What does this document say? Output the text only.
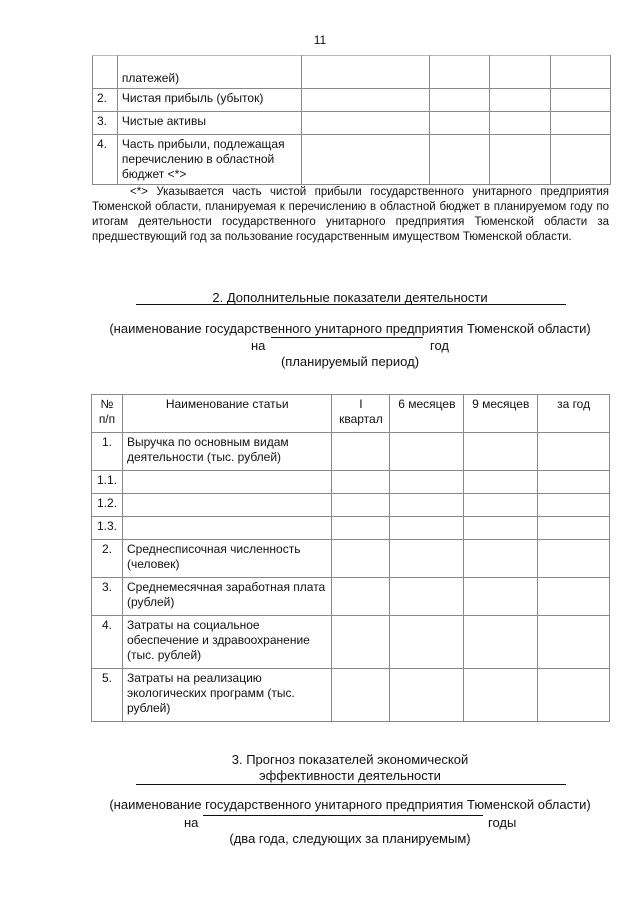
11
	платежей)				
2.	Чистая прибыль (убыток)				
3.	Чистые активы				
4.	Часть прибыли, подлежащая перечислению в областной бюджет <*>				

<*> Указывается часть чистой прибыли государственного унитарного предприятия Тюменской области, планируемая к перечислению в областной бюджет в планируемом году по итогам деятельности государственного унитарного предприятия Тюменской области за предшествующий год за пользование государственным имуществом Тюменской области.

2. Дополнительные показатели деятельности
(наименование государственного унитарного предприятия Тюменской области)
на	год
(планируемый период)
№ п/п	Наименование статьи	I квартал	6 месяцев	9 месяцев	за год
1.	Выручка по основным видам деятельности (тыс. рублей)				
1.1.					
1.2.					
1.3.					
2.	Среднесписочная численность (человек)				
3.	Среднемесячная заработная плата (рублей)				
4.	Затраты на социальное обеспечение и здравоохранение (тыс. рублей)				
5.	Затраты на реализацию экологических программ (тыс. рублей)				
3. Прогноз показателей экономической
эффективности деятельности
(наименование государственного унитарного предприятия Тюменской области)
на	годы
(два года, следующих за планируемым)
